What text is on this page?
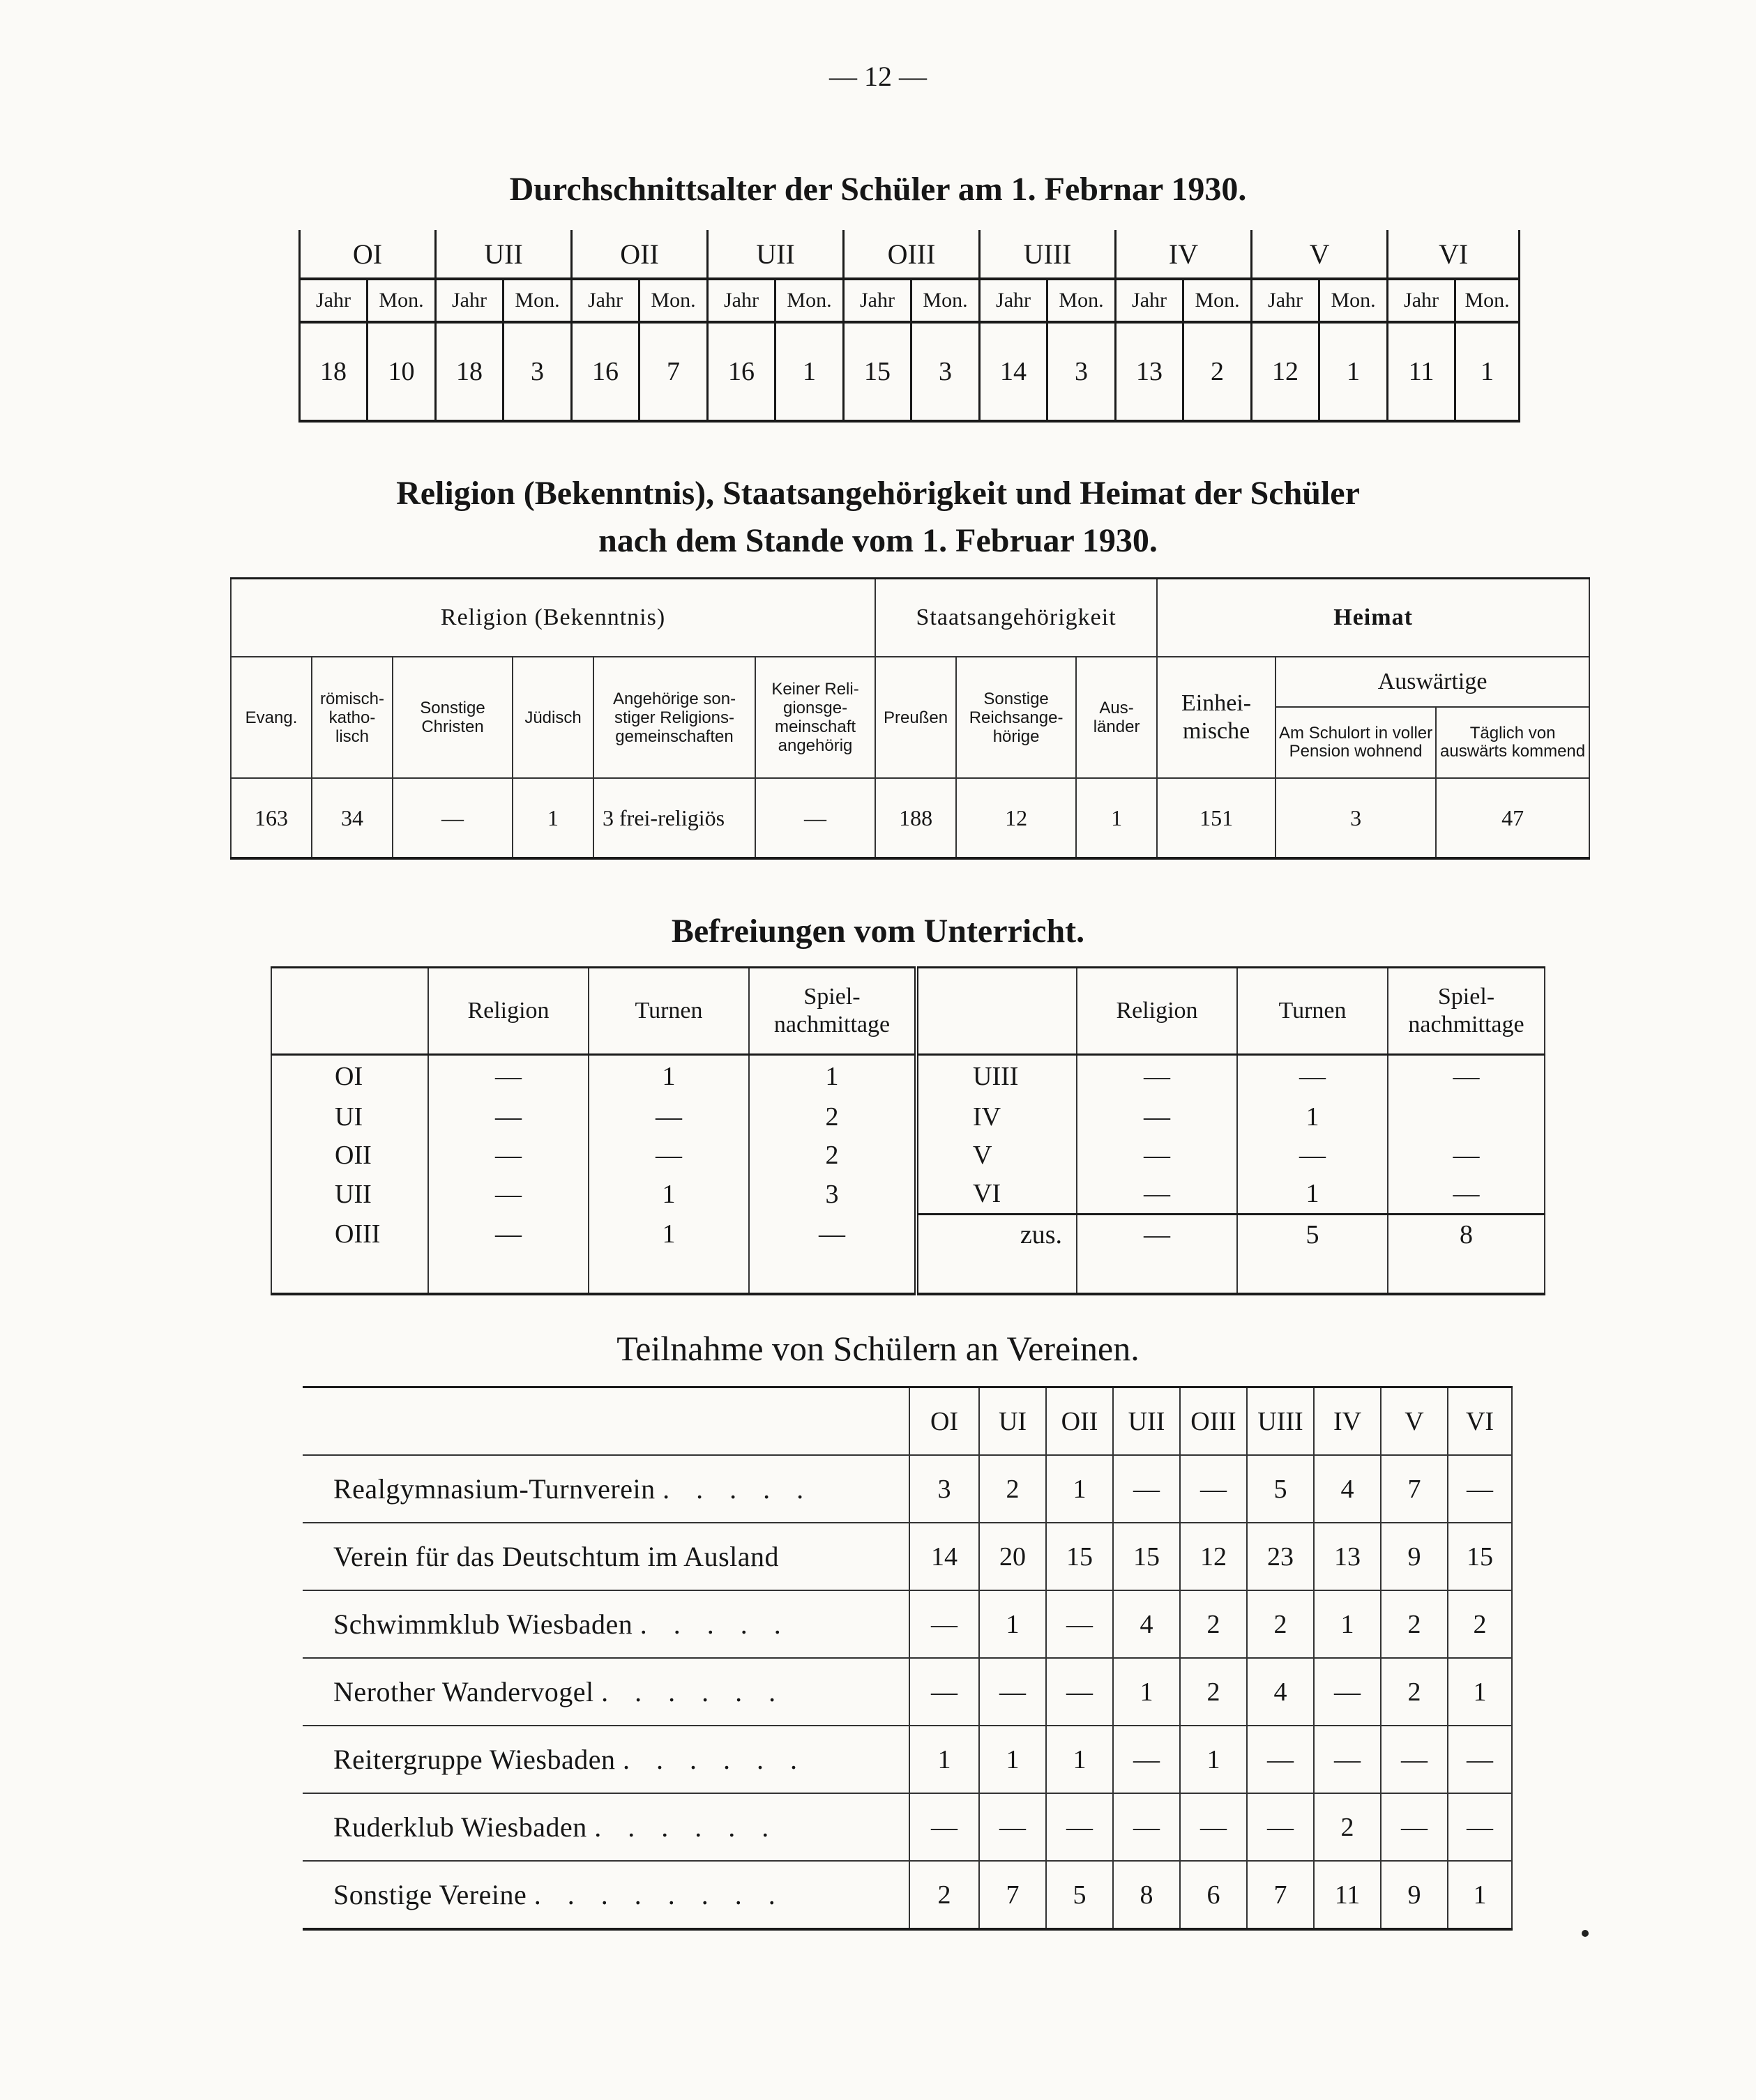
— 12 —
Durchschnittsalter der Schüler am 1. Febrnar 1930.
OI		UII		OII		UII		OIII		UIII		IV		V		VI	
Jahr	Mon.	Jahr	Mon.	Jahr	Mon.	Jahr	Mon.	Jahr	Mon.	Jahr	Mon.	Jahr	Mon.	Jahr	Mon.	Jahr	Mon.
18	10	18	3	16	7	16	1	15	3	14	3	13	2	12	1	11	1
Religion (Bekenntnis), Staatsangehörigkeit und Heimat der Schüler
nach dem Stande vom 1. Februar 1930.
Religion (Bekenntnis)						Staatsangehörigkeit			Heimat		
Evang.	römisch-katho-lisch	Sonstige Christen	Jüdisch	Angehörige son-stiger Religions-gemeinschaften	Keiner Reli-gionsge-meinschaft angehörig	Preußen	Sonstige Reichsange-hörige	Aus-länder	Einhei-mische	Auswärtige	
										Am Schulort in voller Pension wohnend	Täglich von auswärts kommend
163	34	—	1	3 frei-religiös	—	188	12	1	151	3	47
Befreiungen vom Unterricht.
	Religion	Turnen	Spiel-nachmittage		Religion	Turnen	Spiel-nachmittage
OI	—	1	1	UIII	—	—	—
UI	—	—	2	IV	—	1	
OII	—	—	2	V	—	—	—
UII	—	1	3	VI	—	1	—
OIII	—	1	—	zus.	—	5	8

Teilnahme von Schülern an Vereinen.
	OI	UI	OII	UII	OIII	UIII	IV	V	VI
Realgymnasium-Turnverein . . . . .	3	2	1	—	—	5	4	7	—
Verein für das Deutschtum im Ausland	14	20	15	15	12	23	13	9	15
Schwimmklub Wiesbaden . . . . .	—	1	—	4	2	2	1	2	2
Nerother Wandervogel . . . . . .	—	—	—	1	2	4	—	2	1
Reitergruppe Wiesbaden . . . . . .	1	1	1	—	1	—	—	—	—
Ruderklub Wiesbaden . . . . . .	—	—	—	—	—	—	2	—	—
Sonstige Vereine . . . . . . . .	2	7	5	8	6	7	11	9	1
